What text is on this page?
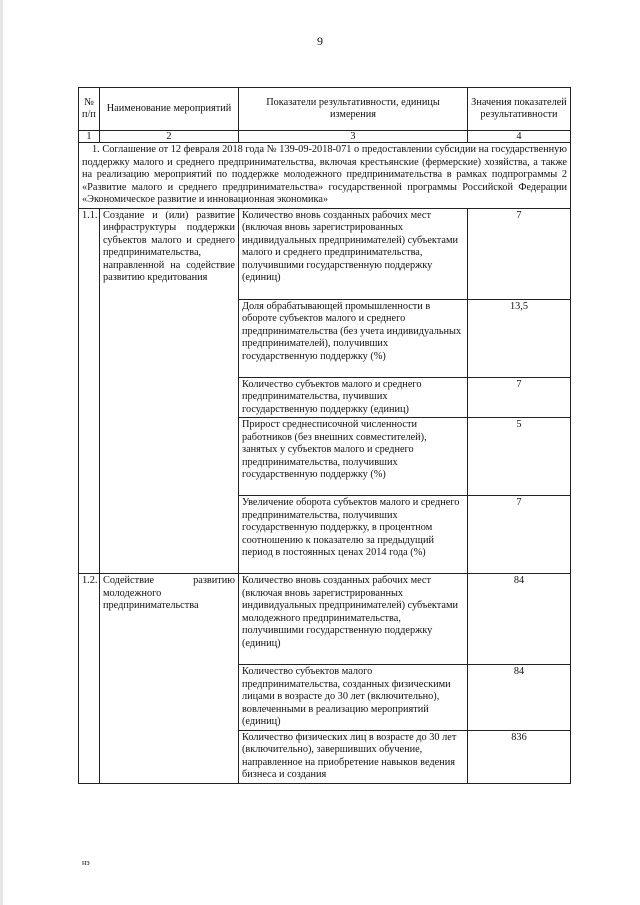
9
№ п/п	Наименование мероприятий	Показатели результативности, единицы измерения	Значения показателей результативности
1	2	3	4
1. Соглашение от 12 февраля 2018 года № 139-09-2018-071 о предоставлении субсидии на государственную поддержку малого и среднего предпринимательства, включая крестьянские (фермерские) хозяйства, а также на реализацию мероприятий по поддержке молодежного предпринимательства в рамках подпрограммы 2 «Развитие малого и среднего предпринимательства» государственной программы Российской Федерации «Экономическое развитие и инновационная экономика»			
1.1.	Создание и (или) развитие инфраструктуры поддержки субъектов малого и среднего предпринимательства, направленной на содействие развитию кредитования	Количество вновь созданных рабочих мест (включая вновь зарегистрированных индивидуальных предпринимателей) субъектами малого и среднего предпринимательства, получившими государственную поддержку (единиц)	7
		Доля обрабатывающей промышленности в обороте субъектов малого и среднего предпринимательства (без учета индивидуальных предпринимателей), получивших государственную поддержку (%)	13,5
		Количество субъектов малого и среднего предпринимательства, пучивших государственную поддержку (единиц)	7
		Прирост среднесписочной численности работников (без внешних совместителей), занятых у субъектов малого и среднего предпринимательства, получивших государственную поддержку (%)	5
		Увеличение оборота субъектов малого и среднего предпринимательства, получивших государственную поддержку, в процентном соотношению к показателю за предыдущий период в постоянных ценах 2014 года (%)	7
1.2.	Содействие развитию молодежного предпринимательства	Количество вновь созданных рабочих мест (включая вновь зарегистрированных индивидуальных предпринимателей) субъектами молодежного предпринимательства, получившими государственную поддержку (единиц)	84
		Количество субъектов малого предпринимательства, созданных физическими лицами в возрасте до 30 лет (включительно), вовлеченными в реализацию мероприятий (единиц)	84
		Количество физических лиц в возрасте до 30 лет (включительно), завершивших обучение, направленное на приобретение навыков ведения бизнеса и создания	836
нэ
